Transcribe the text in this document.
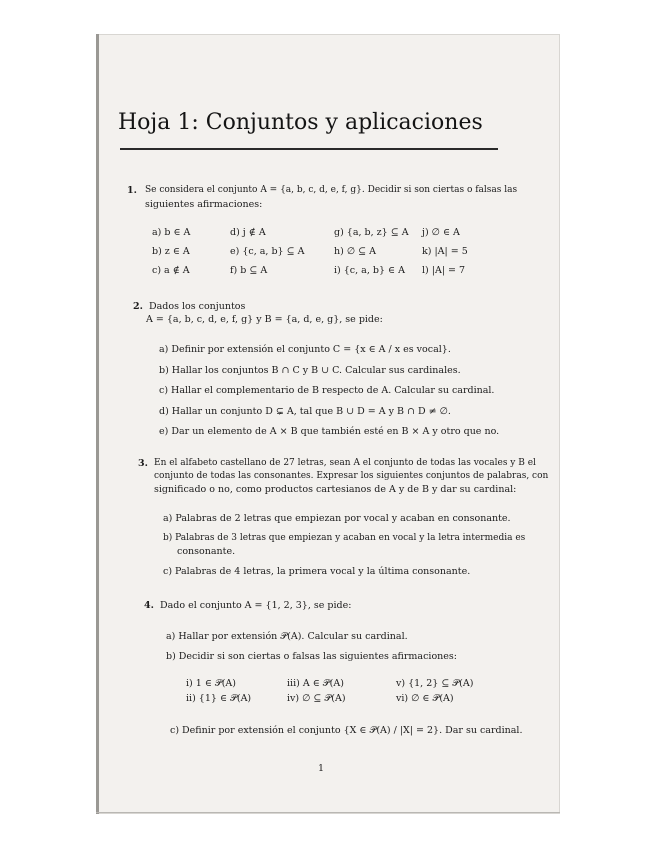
Hoja 1: Conjuntos y aplicaciones
1. Se considera el conjunto A = {a, b, c, d, e, f, g}. Decidir si son ciertas o falsas las
siguientes afirmaciones:
a) b ∈ A
b) z ∈ A
c) a ∉ A
d) j ∉ A
e) {c, a, b} ⊆ A
f) b ⊆ A
g) {a, b, z} ⊆ A
h) ∅ ⊆ A
i) {c, a, b} ∈ A
j) ∅ ∈ A
k) |A| = 5
l) |A| = 7
2. Dados los conjuntos
A = {a, b, c, d, e, f, g} y B = {a, d, e, g}, se pide:
a) Definir por extensión el conjunto C = {x ∈ A / x es vocal}.
b) Hallar los conjuntos B ∩ C y B ∪ C. Calcular sus cardinales.
c) Hallar el complementario de B respecto de A. Calcular su cardinal.
d) Hallar un conjunto D ⊊ A, tal que B ∪ D = A y B ∩ D ≠ ∅.
e) Dar un elemento de A × B que también esté en B × A y otro que no.
3. En el alfabeto castellano de 27 letras, sean A el conjunto de todas las vocales y B el
conjunto de todas las consonantes. Expresar los siguientes conjuntos de palabras, con
significado o no, como productos cartesianos de A y de B y dar su cardinal:
a) Palabras de 2 letras que empiezan por vocal y acaban en consonante.
b) Palabras de 3 letras que empiezan y acaban en vocal y la letra intermedia es
consonante.
c) Palabras de 4 letras, la primera vocal y la última consonante.
4. Dado el conjunto A = {1, 2, 3}, se pide:
a) Hallar por extensión 𝒫(A). Calcular su cardinal.
b) Decidir si son ciertas o falsas las siguientes afirmaciones:
i) 1 ∈ 𝒫(A)
ii) {1} ∈ 𝒫(A)
iii) A ∈ 𝒫(A)
iv) ∅ ⊆ 𝒫(A)
v) {1, 2} ⊆ 𝒫(A)
vi) ∅ ∈ 𝒫(A)
c) Definir por extensión el conjunto {X ∈ 𝒫(A) / |X| = 2}. Dar su cardinal.
1
